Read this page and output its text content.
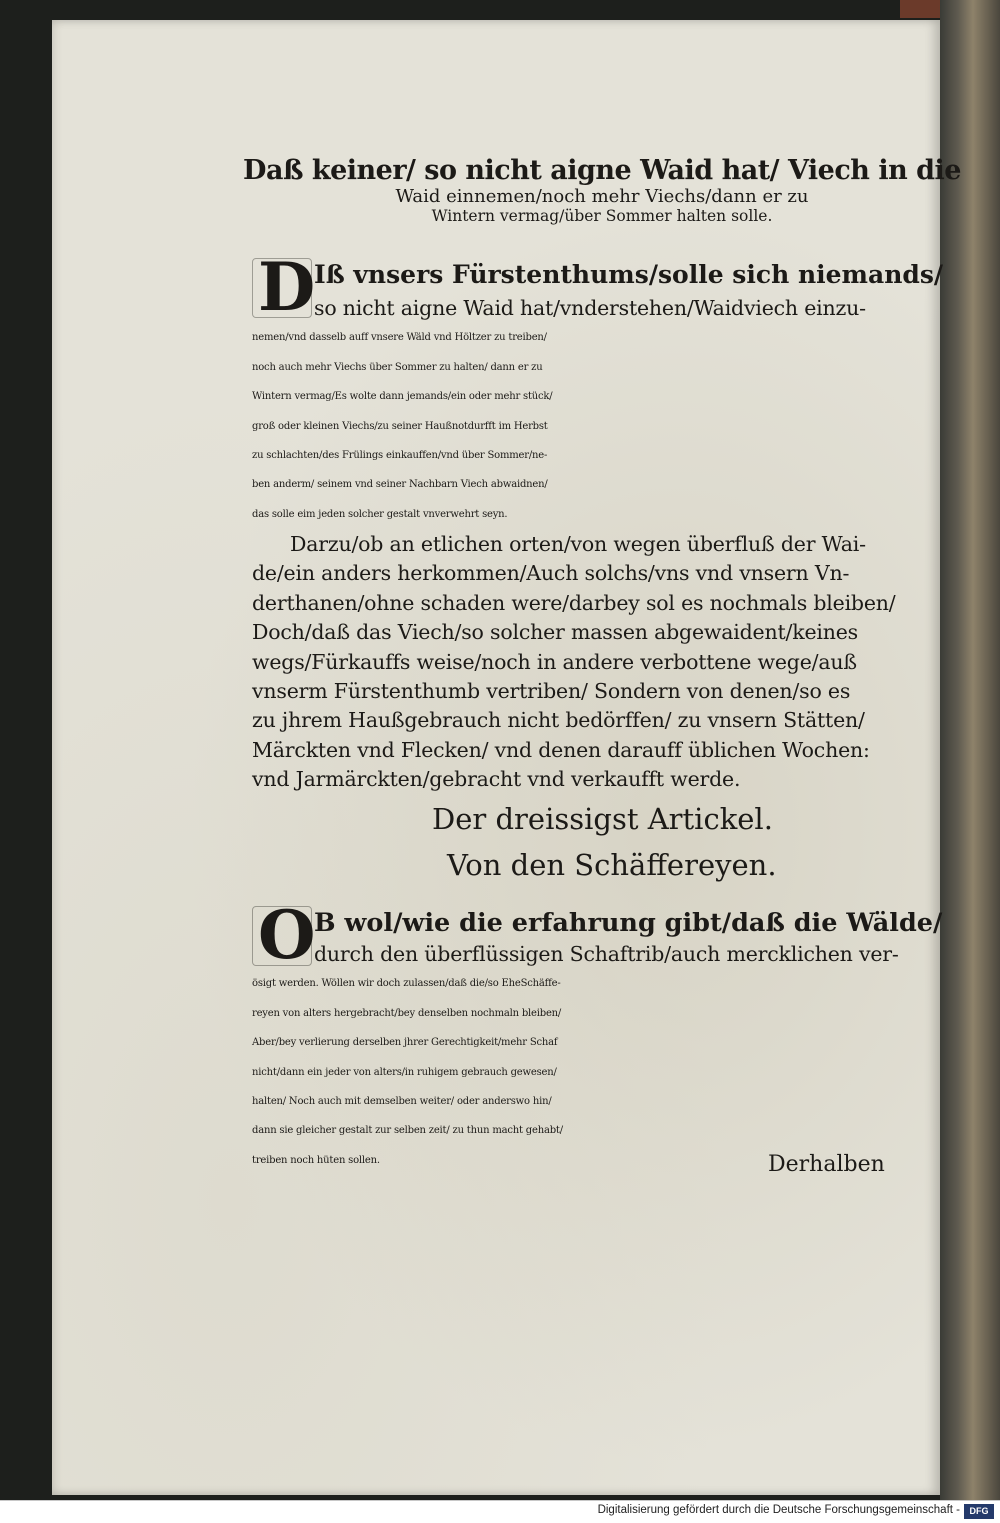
Daß keiner/ so nicht aigne Waid hat/ Viech in die
Waid einnemen/noch mehr Viechs/dann er zu
Wintern vermag/über Sommer halten solle.
D
Iß vnsers Fürstenthums/solle sich niemands/
so nicht aigne Waid hat/vnderstehen/Waidviech einzu-
nemen/vnd dasselb auff vnsere Wäld vnd Höltzer zu treiben/
noch auch mehr Viechs über Sommer zu halten/ dann er zu
Wintern vermag/Es wolte dann jemands/ein oder mehr stück/
groß oder kleinen Viechs/zu seiner Haußnotdurfft im Herbst
zu schlachten/des Frülings einkauffen/vnd über Sommer/ne-
ben anderm/ seinem vnd seiner Nachbarn Viech abwaidnen/
das solle eim jeden solcher gestalt vnverwehrt seyn.
Darzu/ob an etlichen orten/von wegen überfluß der Wai-
de/ein anders herkommen/Auch solchs/vns vnd vnsern Vn-
derthanen/ohne schaden were/darbey sol es nochmals bleiben/
Doch/daß das Viech/so solcher massen abgewaident/keines
wegs/Fürkauffs weise/noch in andere verbottene wege/auß
vnserm Fürstenthumb vertriben/ Sondern von denen/so es
zu jhrem Haußgebrauch nicht bedörffen/ zu vnsern Stätten/
Märckten vnd Flecken/ vnd denen darauff üblichen Wochen:
vnd Jarmärckten/gebracht vnd verkaufft werde.
Der dreissigst Artickel.
Von den Schäffereyen.
O
B wol/wie die erfahrung gibt/daß die Wälde/
durch den überflüssigen Schaftrib/auch mercklichen ver-
ösigt werden. Wöllen wir doch zulassen/daß die/so EheSchäffe-
reyen von alters hergebracht/bey denselben nochmaln bleiben/
Aber/bey verlierung derselben jhrer Gerechtigkeit/mehr Schaf
nicht/dann ein jeder von alters/in ruhigem gebrauch gewesen/
halten/ Noch auch mit demselben weiter/ oder anderswo hin/
dann sie gleicher gestalt zur selben zeit/ zu thun macht gehabt/
treiben noch hüten sollen.	Derhalben
Digitalisierung gefördert durch die Deutsche Forschungsgemeinschaft -	DFG
